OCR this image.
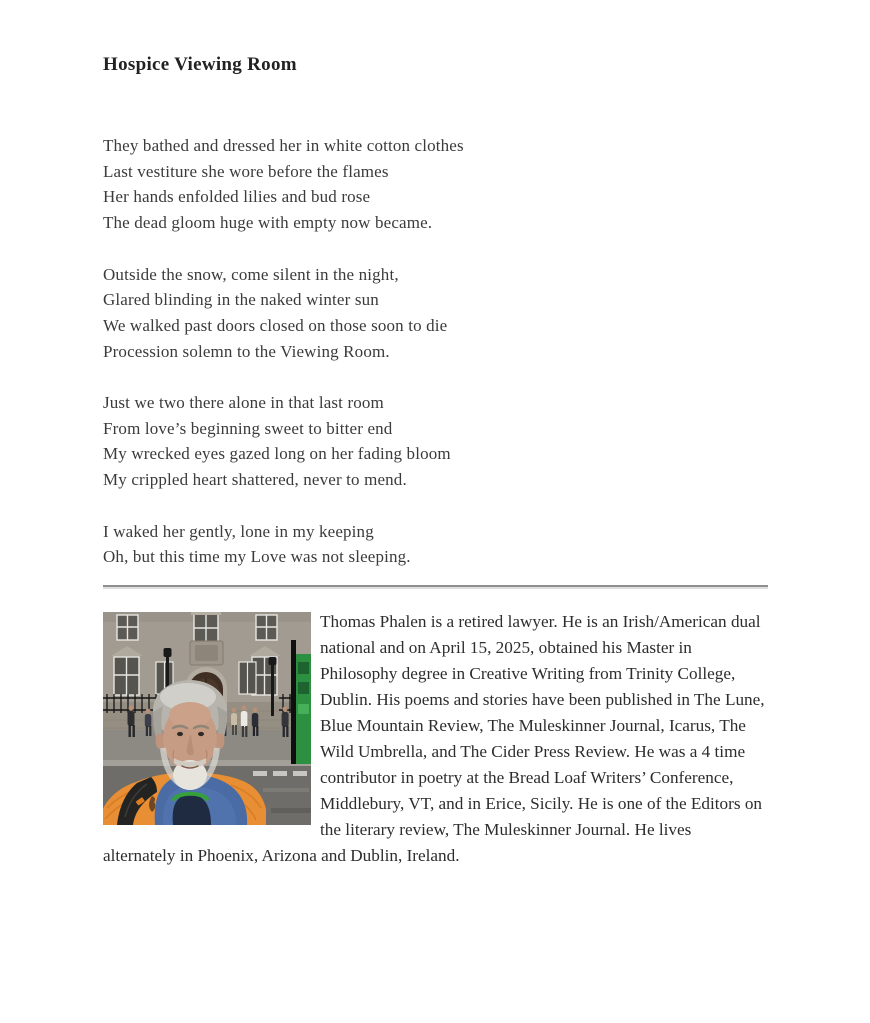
Hospice Viewing Room

They bathed and dressed her in white cotton clothes
Last vestiture she wore before the flames
Her hands enfolded lilies and bud rose
The dead gloom huge with empty now became.

Outside the snow, come silent in the night,
Glared blinding in the naked winter sun
We walked past doors closed on those soon to die
Procession solemn to the Viewing Room.

Just we two there alone in that last room
From love’s beginning sweet to bitter end
My wrecked eyes gazed long on her fading bloom
My crippled heart shattered, never to mend.

I waked her gently, lone in my keeping
Oh, but this time my Love was not sleeping.

Thomas Phalen is a retired lawyer. He is an Irish/American dual national and on April 15, 2025, obtained his Master in Philosophy degree in Creative Writing from Trinity College, Dublin. His poems and stories have been published in The Lune, Blue Mountain Review, The Muleskinner Journal, Icarus, The Wild Umbrella, and The Cider Press Review. He was a 4 time contributor in poetry at the Bread Loaf Writers’ Conference, Middlebury, VT, and in Erice, Sicily. He is one of the Editors on the literary review, The Muleskinner Journal. He lives alternately in Phoenix, Arizona and Dublin, Ireland.
